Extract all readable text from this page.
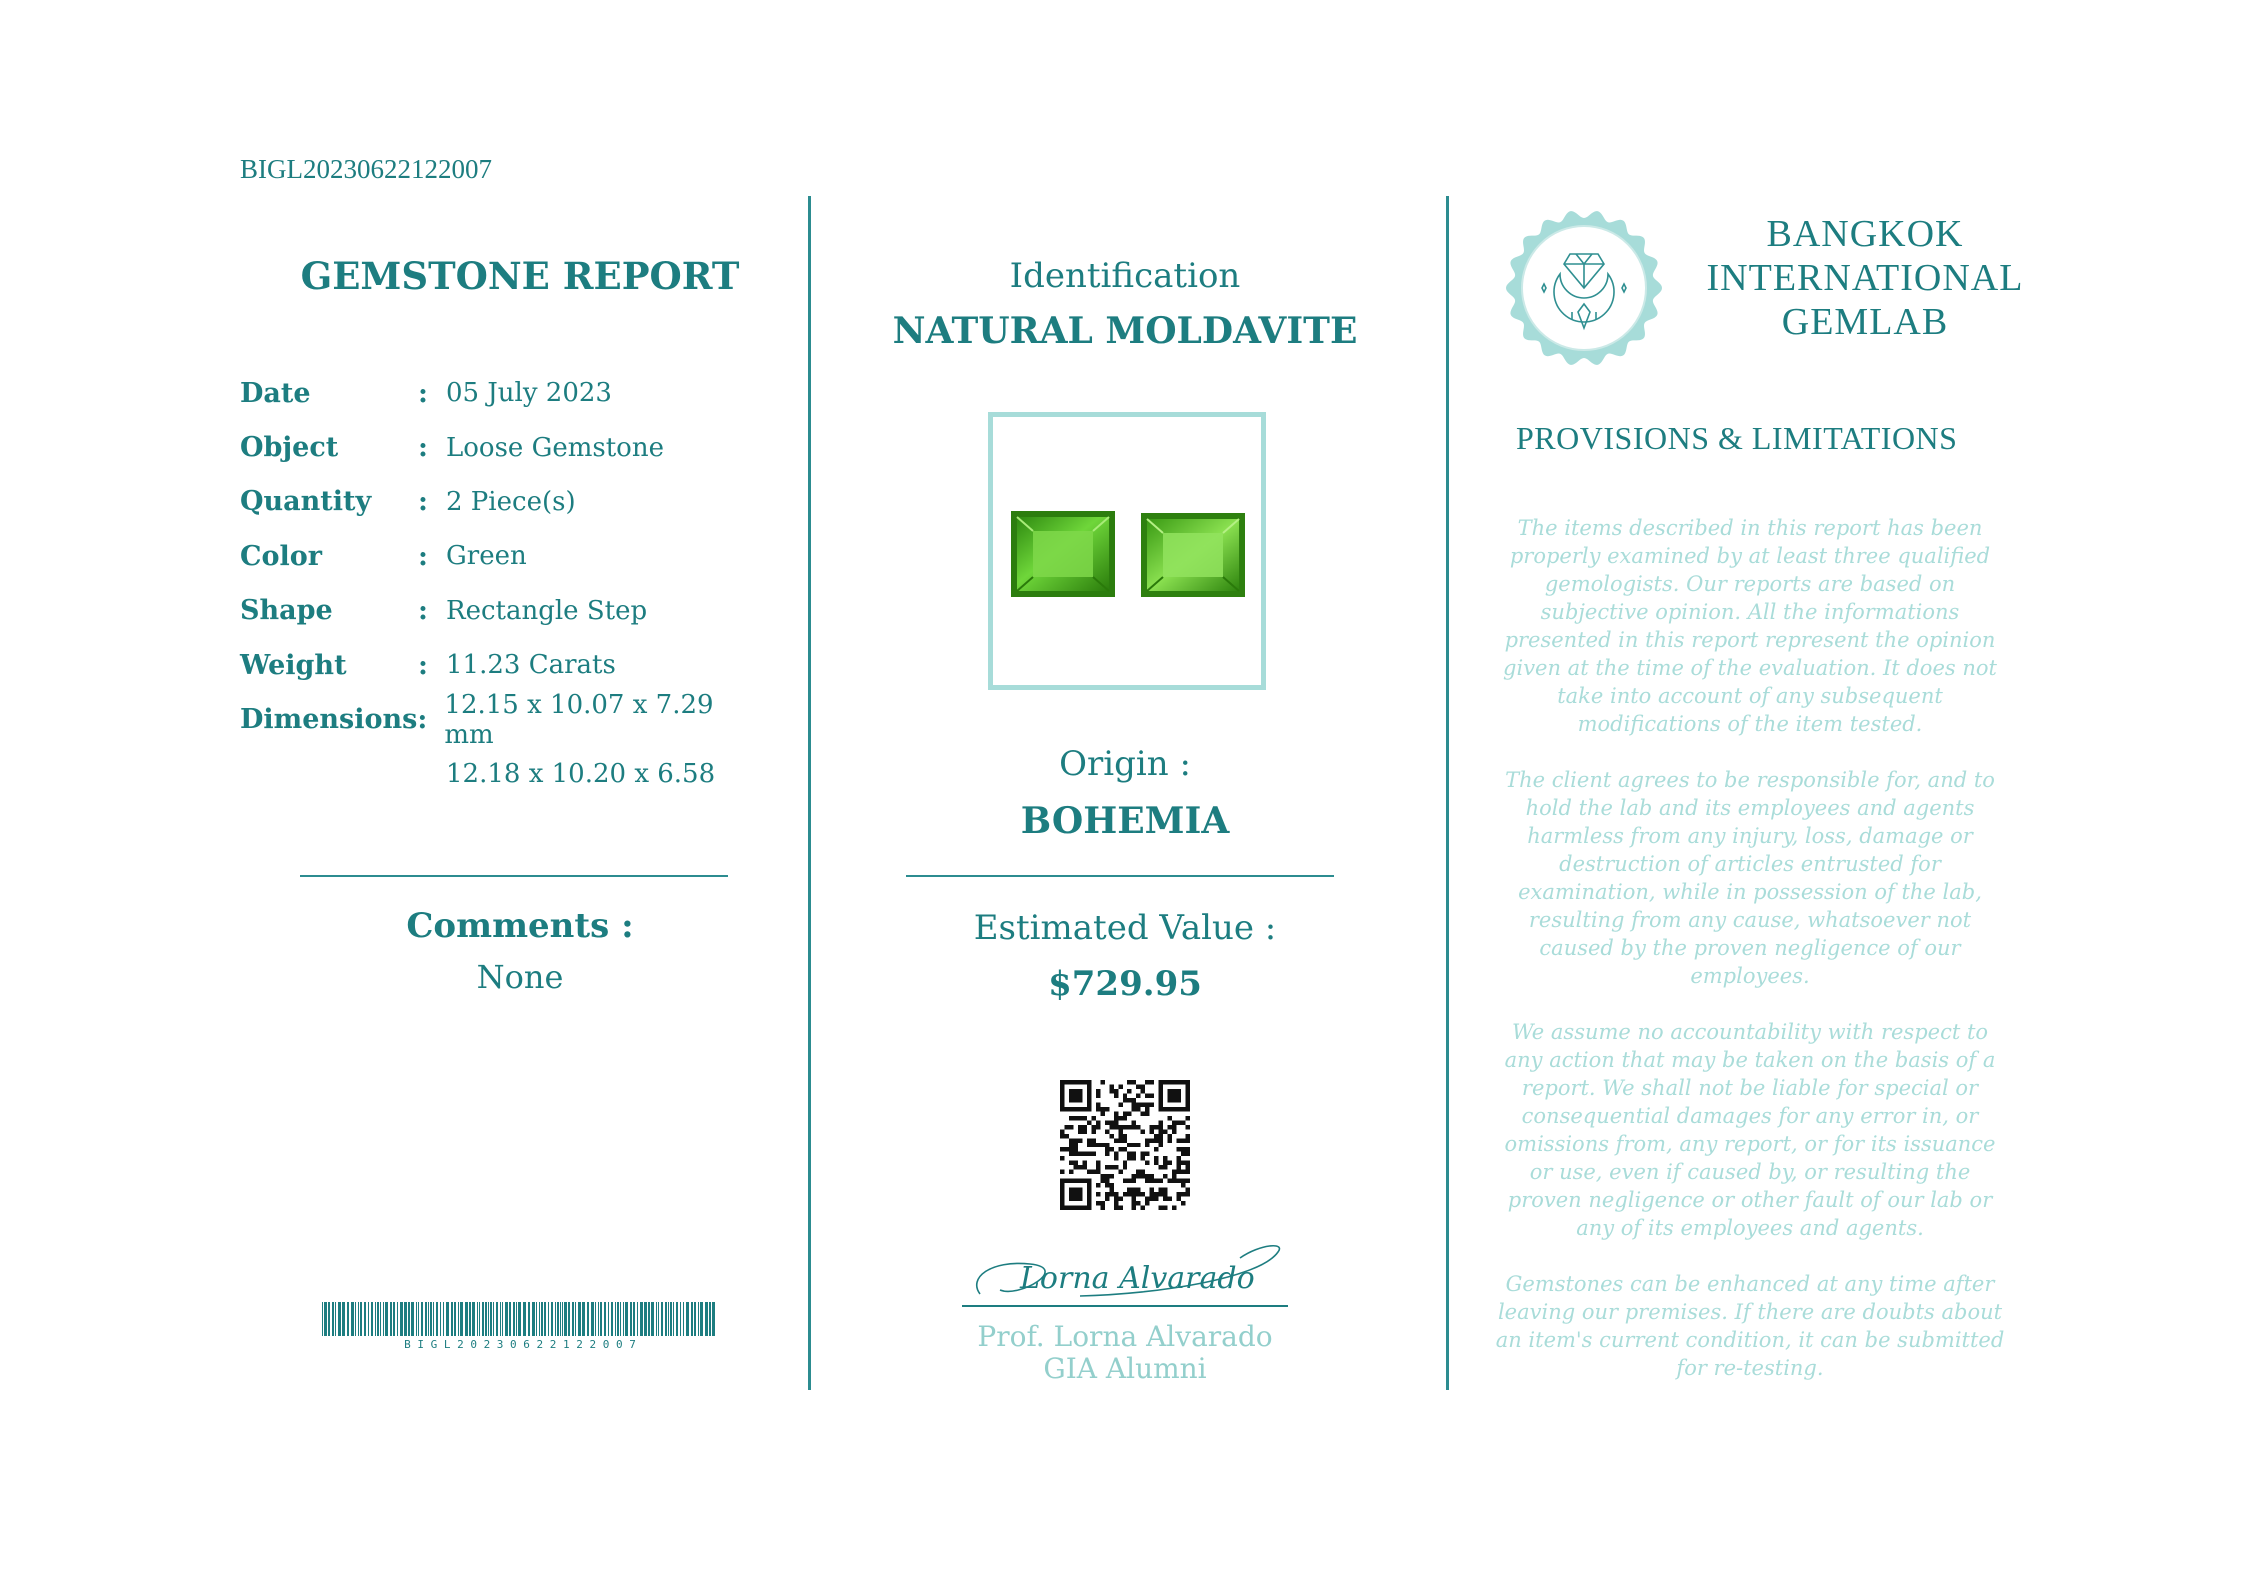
BIGL20230622122007
GEMSTONE REPORT
Date	: 05 July 2023
Object	: Loose Gemstone
Quantity	: 2 Piece(s)
Color	: Green
Shape	: Rectangle Step
Weight	: 11.23 Carats
Dimensions : 12.15 x 10.07 x 7.29 mm
12.18 x 10.20 x 6.58
Comments :
None
B I G L 2 0 2 3 0 6 2 2 1 2 2 0 0 7
Identification
NATURAL MOLDAVITE
Origin :
BOHEMIA
Estimated Value :
$729.95
Lorna Alvarado
Prof. Lorna Alvarado
GIA Alumni
BANGKOK
INTERNATIONAL
GEMLAB
PROVISIONS & LIMITATIONS

The items described in this report has been properly examined by at least three qualified gemologists. Our reports are based on subjective opinion. All the informations presented in this report represent the opinion given at the time of the evaluation. It does not take into account of any subsequent modifications of the item tested.

The client agrees to be responsible for, and to hold the lab and its employees and agents harmless from any injury, loss, damage or destruction of articles entrusted for examination, while in possession of the lab, resulting from any cause, whatsoever not caused by the proven negligence of our employees.

We assume no accountability with respect to any action that may be taken on the basis of a report. We shall not be liable for special or consequential damages for any error in, or omissions from, any report, or for its issuance or use, even if caused by, or resulting the proven negligence or other fault of our lab or any of its employees and agents.

Gemstones can be enhanced at any time after leaving our premises. If there are doubts about an item's current condition, it can be submitted for re-testing.
